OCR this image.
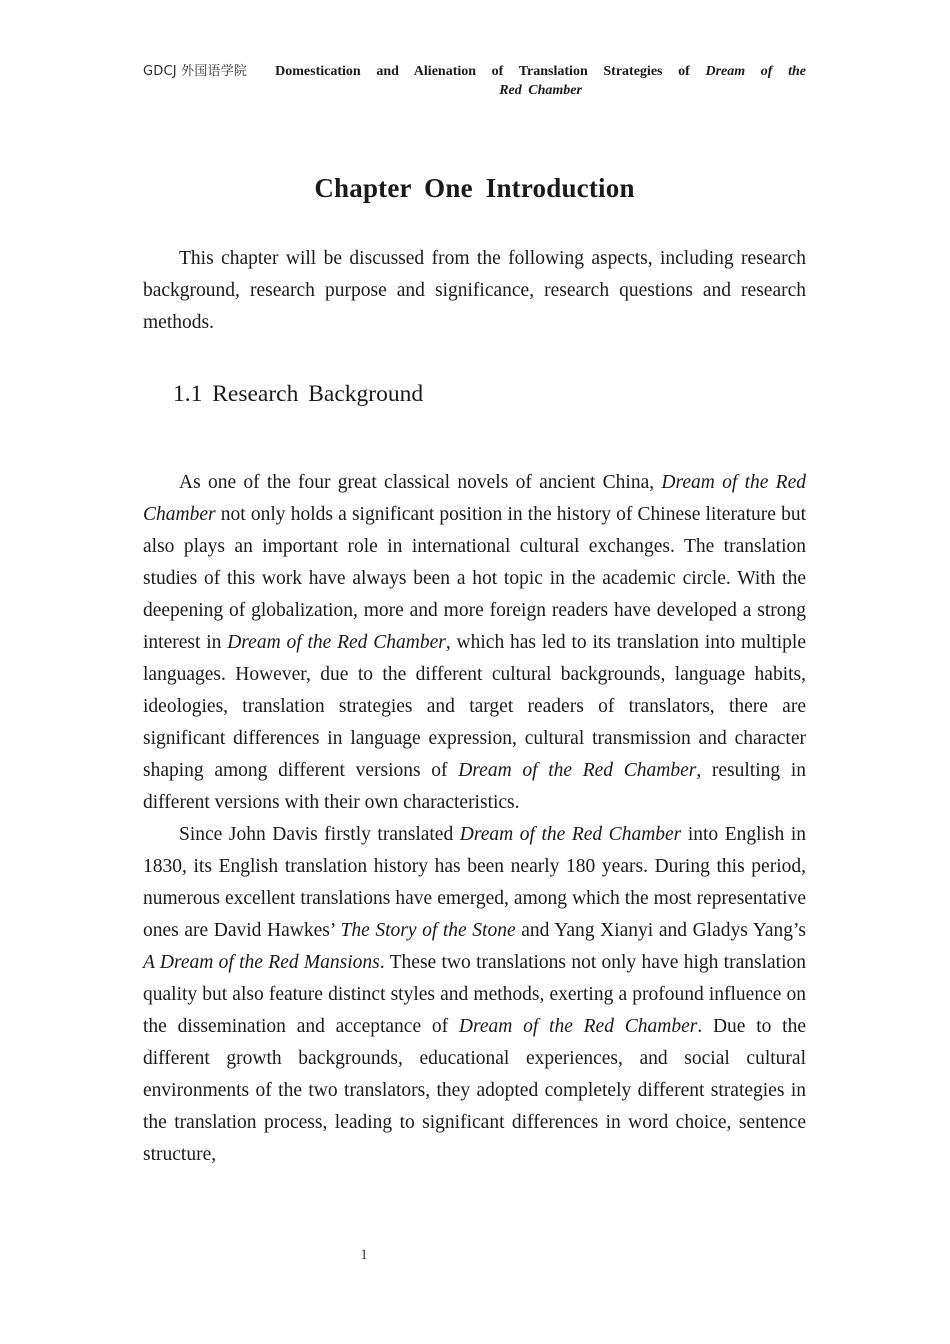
GDCJ 外国语学院 Domestication and Alienation of Translation Strategies of Dream of the
Red Chamber
Chapter One Introduction

This chapter will be discussed from the following aspects, including research background, research purpose and significance, research questions and research methods.

1.1 Research Background

As one of the four great classical novels of ancient China, Dream of the Red Chamber not only holds a significant position in the history of Chinese literature but also plays an important role in international cultural exchanges. The translation studies of this work have always been a hot topic in the academic circle. With the deepening of globalization, more and more foreign readers have developed a strong interest in Dream of the Red Chamber, which has led to its translation into multiple languages. However, due to the different cultural backgrounds, language habits, ideologies, translation strategies and target readers of translators, there are significant differences in language expression, cultural transmission and character shaping among different versions of Dream of the Red Chamber, resulting in different versions with their own characteristics.

Since John Davis firstly translated Dream of the Red Chamber into English in 1830, its English translation history has been nearly 180 years. During this period, numerous excellent translations have emerged, among which the most representative ones are David Hawkes’ The Story of the Stone and Yang Xianyi and Gladys Yang’s A Dream of the Red Mansions. These two translations not only have high translation quality but also feature distinct styles and methods, exerting a profound influence on the dissemination and acceptance of Dream of the Red Chamber. Due to the different growth backgrounds, educational experiences, and social cultural environments of the two translators, they adopted completely different strategies in the translation process, leading to significant differences in word choice, sentence structure,

1
